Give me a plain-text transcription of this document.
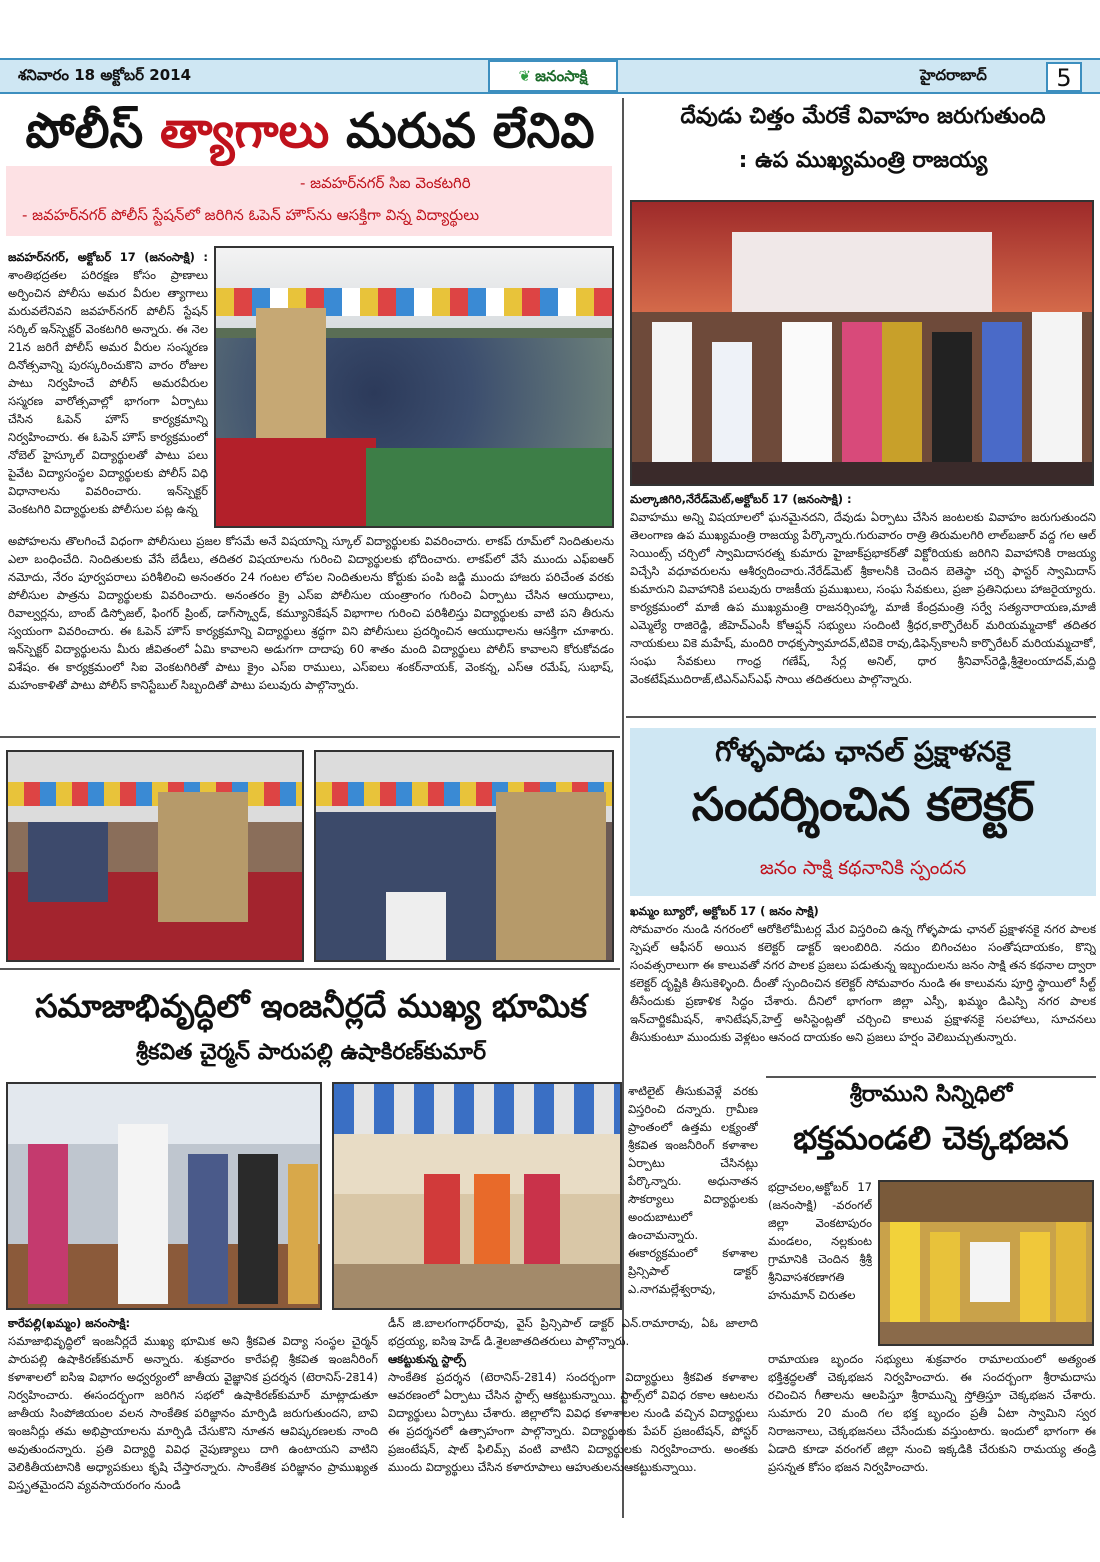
శనివారం 18 అక్టోబర్ 2014	హైదరాబాద్
❦ జనంసాక్షి	5
పోలీస్ త్యాగాలు మరువ లేనివి
- జవహర్‌నగర్ సిఐ వెంకటగిరి
- జవహర్‌నగర్ పోలీస్ స్టేషన్‌లో జరిగిన ఓపెన్ హౌస్‌ను ఆసక్తిగా విన్న విద్యార్థులు
జవహర్‌నగర్, అక్టోబర్ 17 (జనంసాక్షి) : శాంతిభద్రతల పరిరక్షణ కోసం ప్రాణాలు అర్పించిన పోలీసు అమర వీరుల త్యాగాలు మరువలేనివని జవహర్‌నగర్ పోలీస్ స్టేషన్ సర్కిల్ ఇన్‌స్పెక్టర్ వెంకటగిరి అన్నారు. ఈ నెల 21న జరిగే పోలీస్ అమర వీరుల సంస్మరణ దినోత్సవాన్ని పురస్కరించుకొని వారం రోజుల పాటు నిర్వహించే పోలీస్ అమరవీరుల సస్మరణ వారోత్సవాల్లో భాగంగా ఏర్పాటు చేసిన ఓపెన్ హౌస్ కార్యక్రమాన్ని నిర్వహించారు. ఈ ఓపెన్ హౌస్ కార్యక్రమంలో నోబెల్ హైస్కూల్ విద్యార్థులతో పాటు పలు పైవేట విద్యాసంస్థల విద్యార్థులకు పోలీస్ విధి విధానాలను వివరించారు. ఇన్‌స్పెక్టర్ వెంకటగిరి విద్యార్థులకు పోలీసుల పట్ల ఉన్న
అపోహలను తొలగించే విధంగా పోలీసులు ప్రజల కోసమే అనే విషయాన్ని స్కూల్ విద్యార్థులకు వివరించారు. లాకప్ రూమ్‌లో నిందితులను ఎలా బంధించేది. నిందితులకు వేసే బేడీలు, తదితర విషయాలను గురించి విద్యార్థులకు భోదించారు. లాకప్‌లో వేసే ముందు ఎఫ్ఐఆర్ నమోదు, నేరం పూర్వపరాలు పరిశీలించి అనంతరం 24 గంటల లోపల నిందితులను కోర్టుకు పంపి జడ్జి ముందు హాజరు పరిచేంత వరకు పోలీసుల పాత్రను విద్యార్థులకు వివరించారు. అనంతరం క్రై ఎస్ఐ పోలీసుల యంత్రాంగం గురించి ఏర్పాటు చేసిన ఆయుధాలు, రివాల్వర్లను, బాంబ్ డిస్పోజల్, ఫింగర్ ప్రింట్, డాగ్‌స్క్వాడ్, కమ్యూనికేషన్ విభాగాల గురించి పరిశీలిస్తు విద్యార్థులకు వాటి పని తీరును స్వయంగా వివరించారు. ఈ ఓపెన్ హౌస్ కార్యక్రమాన్ని విద్యార్థులు శ్రద్ధగా విని పోలీసులు ప్రదర్శించిన ఆయుధాలను ఆసక్తిగా చూశారు. ఇన్‌స్పెక్టర్ విద్యార్థులను మీరు జీవితంలో ఏమి కావాలని అడుగగా దాదాపు 60 శాతం మంది విద్యార్థులు పోలీస్ కావాలని కోరుకోవడం విశేషం. ఈ కార్యక్రమంలో సిఐ వెంకటగిరితో పాటు క్రైం ఎస్ఐ రాములు, ఎస్ఐలు శంకర్‌నాయక్, వెంకన్న, ఎస్ఆ రమేష్, సుభాష్, మహంకాళితో పాటు పోలీస్ కానిస్టేబుల్ సిబ్బందితో పాటు పలువురు పాల్గొన్నారు.
సమాజాభివృద్ధిలో ఇంజనీర్లదే ముఖ్య భూమిక
శ్రీకవిత చైర్మన్ పారుపల్లి ఉషాకిరణ్‌కుమార్
శాటిలైట్ తీసుకువెళ్లే వరకు విస్తరించి దన్నారు. గ్రామీణ ప్రాంతంలో ఉత్తమ లక్ష్యంతో శ్రీకవిత ఇంజనీరింగ్ కళాశాల ఏర్పాటు చేసినట్లు పేర్కొన్నారు. అధునాతన సౌకర్యాలు విద్యార్థులకు అందుబాటులో ఉంచామన్నారు. ఈకార్యక్రమంలో కళాశాల ప్రిన్సిపాల్ డాక్టర్ ఎ.నాగమల్లేశ్వరావు,
కారేపల్లి(ఖమ్మం) జనంసాక్షి:
సమాజాభివృద్ధిలో ఇంజనీర్లదే ముఖ్య భూమిక అని శ్రీకవిత విద్యా సంస్థల చైర్మన్ పారుపల్లి ఉషాకిరణ్‌కుమార్ అన్నారు. శుక్రవారం కారేపల్లి శ్రీకవిత ఇంజనీరింగ్ కళాశాలలో ఐసిఇ విభాగం అధ్వర్యంలో జాతీయ వైజ్ఞానిక ప్రదర్శన (టెరానిస్-2కె14) నిర్వహించారు. ఈసందర్బంగా జరిగిన సభలో ఉషాకిరణ్‌కుమార్ మాట్లాడుతూ జాతీయ సింపోజియంల వలన సాంకేతిక పరిజ్ఞానం మార్పిడి జరుగుతుందని, బావి ఇంజనీర్లు తమ అభిప్రాయాలను మార్పిడి చేసుకొని నూతన ఆవిష్కరణలకు నాంది అవుతుందన్నారు. ప్రతి విద్యార్థి వివిధ నైపుణ్యాలు దాగి ఉంటాయని వాటిని వెలికితీయటానికి అధ్యాపకులు కృషి చేస్తారన్నారు. సాంకేతిక పరిజ్ఞానం ప్రాముఖ్యత విస్తృతమైందని వ్యవసాయరంగం నుండి
డీన్ జి.బాలగంగాధర్‌రావు, వైస్ ప్రిన్సిపాల్ డాక్టర్ ఎన్.రామారావు, ఏఓ జాలాది భద్రయ్య, ఐసిఇ హెడ్ డి.శైలజాతదితరులు పాల్గొన్నారు.
ఆకట్టుకున్న స్టాల్స్
సాంకేతిక ప్రదర్శన (టెరానిస్-2కె14) సందర్బంగా విద్యార్థులు శ్రీకవిత కళాశాల ఆవరణంలో ఏర్పాటు చేసిన స్టాల్స్ ఆకట్టుకున్నాయి. స్టాల్స్‌లో వివిధ రకాల ఆటలను విద్యార్థులు ఏర్పాటు చేశారు. జిల్లాలోని వివిధ కళాశాలల నుండి వచ్చిన విద్యార్థులు ఈ ప్రదర్శనలో ఉత్సాహంగా పాల్గొన్నారు. విద్యార్థులకు పేపర్ ప్రజంటేషన్, పోస్టర్ ప్రజంటేషన్, షాట్ ఫిలిమ్స్ వంటి వాటిని విద్యార్థులకు నిర్వహించారు. అంతకు ముందు విద్యార్థులు చేసిన కళారూపాలు ఆహుతులనుఆకట్టుకున్నాయి.
దేవుడు చిత్తం మేరకే వివాహం జరుగుతుంది
: ఉప ముఖ్యమంత్రి రాజయ్య
మల్కాజిగిరి,నేరేడ్‌మెట్,అక్టోబర్ 17 (జనంసాక్షి) :
వివాహము అన్ని విషయాలలో ఘనమైనదని, దేవుడు ఏర్పాటు చేసిన జంటలకు వివాహం జరుగుతుందని తెలంగాణ ఉప ముఖ్యమంత్రి రాజయ్య పేర్కొన్నారు.గురువారం రాత్రి తిరుమలగిరి లాల్‌బజార్ వద్ద గల ఆల్ సెయింట్స్ చర్చిలో స్వామిదాసరత్న కుమారు హైజాక్‌ప్రభాకర్‌తో విక్టోరియకు జరిగిని వివాహానికి రాజయ్య విచ్చేసి వధూవరులను ఆశీర్వదించారు.నేరేడ్‌మెట్ శ్రీకాలనీకి చెందిన బెతెస్థా చర్చి ఫాస్టర్ స్వామిదాస్ కుమారుని వివాహానికి పలువురు రాజకీయ ప్రముఖులు, సంఘ సేవకులు, ప్రజా ప్రతినిధులు హాజరైయ్యారు. కార్యక్రమంలో మాజీ ఉప ముఖ్యమంత్రి రాజనర్సింహ్మా, మాజీ కేంద్రమంత్రి సర్వే సత్యనారాయణ,మాజీ ఎమ్మెల్యే రాజిరెడ్డి, జీహెచ్ఎంసీ కోఆప్షన్ సభ్యులు సందింటి శ్రీధర,కార్పొరేటర్ మరియమ్మచాకో తదితర నాయకులు వికె మహేష్, మందిరి రాధక్పస్వామాదవ్,టివికె రావు,డిఫెన్స్‌కాలనీ కార్పొరేటర్ మరియమ్మచాకో, సంఘ సేవకులు గాంధ్ర గణేష్, సేర్ల అనిల్, ధార శ్రీనివాస్‌రెడ్డి,శ్రీశైలంయాదవ్,మద్ది వెంకటేష్‌ముదిరాజ్,టిఎన్ఎస్ఎఫ్ సాయి తదితరులు పాల్గొన్నారు.
గోళ్ళపాడు ఛానల్ ప్రక్షాళనకై
సందర్శించిన కలెక్టర్
జనం సాక్షి కథనానికి స్పందన
ఖమ్మం బ్యూరో, అక్టోబర్ 17 ( జనం సాక్షి)
సోమవారం నుండి నగరంలో ఆరోకిలోమీటర్ల మేర విస్తరించి ఉన్న గోళ్ళపాడు ఛానల్ ప్రక్షాళనకై నగర పాలక స్పెషల్ ఆఫీసర్ అయిన కలెక్టర్ డాక్టర్ ఇలంబిరిది. నదుం బిగించటం సంతోషదాయకం, కొన్ని సంవత్సరాలుగా ఈ కాలువతో నగర పాలక ప్రజలు పడుతున్న ఇబ్బందులను జనం సాక్షి తన కథనాల ద్వారా కలెక్టర్ దృష్టికి తీసుకెళ్ళింది. దీంతో స్పందించిన కలెక్టర్ సోమవారం నుండి ఈ కాలువను పూర్తి స్థాయిలో సీల్ట్ తీసేందుకు ప్రణాళిక సిద్ధం చేశారు. దీనిలో భాగంగా జిల్లా ఎస్పీ, ఖమ్మం డిఎస్పి నగర పాలక ఇన్‌చార్జికమీషన్, శానిటేషన్,హెల్త్ అసిస్టెంట్లతో చర్చించి కాలువ ప్రక్షాళనకై సలహాలు, సూచనలు తీసుకుంటూ ముందుకు వెళ్లటం ఆనంద దాయకం అని ప్రజలు హర్షం వెలిబుచ్చుతున్నారు.
శ్రీరాముని సిన్నిధిలో
భక్తమండలి చెక్కభజన
భద్రాచలం,అక్టోబర్ 17 (జనంసాక్షి) -వరంగల్ జిల్లా వెంకటాపురం మండలం, నల్లకుంట గ్రామానికి చెందిన శ్రీశ్రీ శ్రీనివాసశరణాగతి హనుమాన్ చిరుతల
రామాయణ బృందం సభ్యులు శుక్రవారం రామాలయంలో అత్యంత భక్తిశ్రద్ధలతో చెక్కభజన నిర్వహించారు. ఈ సందర్బంగా శ్రీరామదాసు రచించిన గీతాలను ఆలపిస్తూ శ్రీరామున్ని స్తోత్రిస్తూ చెక్కభజన చేశారు. సుమారు 20 మంది గల భక్త బృందం ప్రతీ ఏటా స్వామిని స్వర నిరాజనాలు, చెక్కభజనలు చేసేందుకు వస్తుంటారు. ఇందులో భాగంగా ఈ ఏడాది కూడా వరంగల్ జిల్లా నుంచి ఇక్కడికి చేరుకుని రామయ్య తండ్రి ప్రసన్నత కోసం భజన నిర్వహించారు.
